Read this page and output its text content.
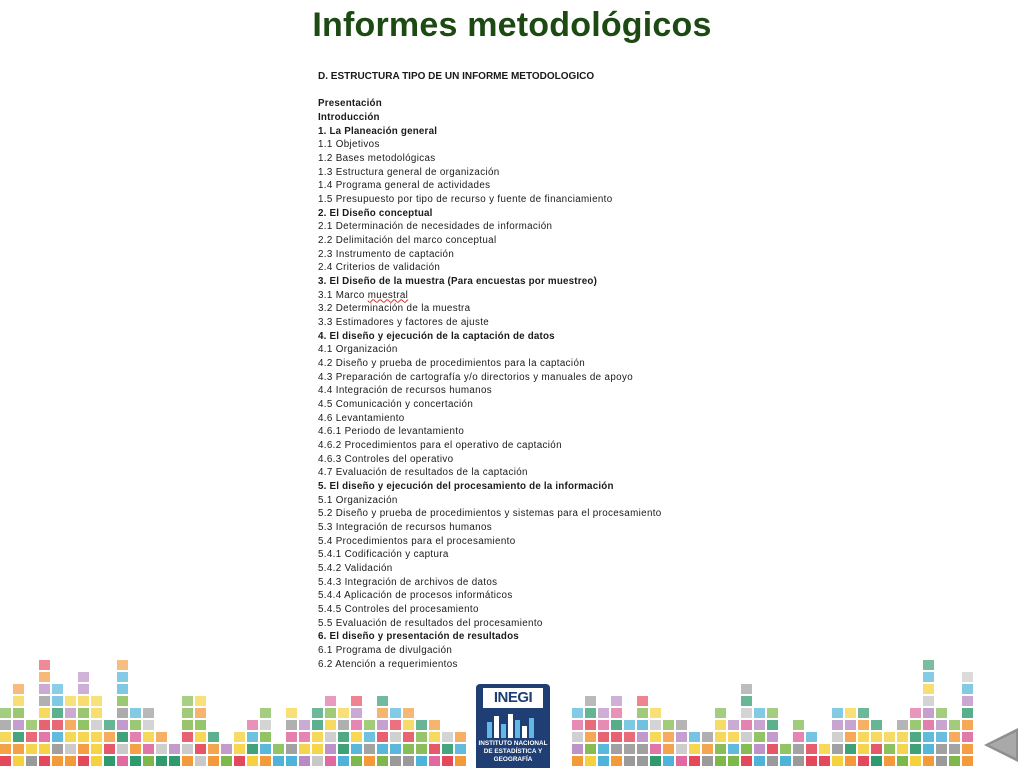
Informes metodológicos
D. ESTRUCTURA TIPO DE UN INFORME METODOLOGICO
Presentación
Introducción
1. La Planeación general
1.1 Objetivos
1.2 Bases metodológicas
1.3 Estructura general de organización
1.4 Programa general de actividades
1.5 Presupuesto por tipo de recurso y fuente de financiamiento
2. El Diseño conceptual
2.1 Determinación de necesidades de información
2.2 Delimitación del marco conceptual
2.3 Instrumento de captación
2.4 Criterios de validación
3. El Diseño de la muestra (Para encuestas por muestreo)
3.1 Marco muestral
3.2 Determinación de la muestra
3.3 Estimadores y factores de ajuste
4. El diseño y ejecución de la captación de datos
4.1 Organización
4.2 Diseño y prueba de procedimientos para la captación
4.3 Preparación de cartografía y/o directorios y manuales de apoyo
4.4 Integración de recursos humanos
4.5 Comunicación y concertación
4.6 Levantamiento
4.6.1 Periodo de levantamiento
4.6.2 Procedimientos para el operativo de captación
4.6.3 Controles del operativo
4.7 Evaluación de resultados de la captación
5. El diseño y ejecución del procesamiento de la información
5.1 Organización
5.2 Diseño y prueba de procedimientos y sistemas para el procesamiento
5.3 Integración de recursos humanos
5.4 Procedimientos para el procesamiento
5.4.1 Codificación y captura
5.4.2 Validación
5.4.3 Integración de archivos de datos
5.4.4 Aplicación de procesos informáticos
5.4.5 Controles del procesamiento
5.5 Evaluación de resultados del procesamiento
6. El diseño y presentación de resultados
6.1 Programa de divulgación
6.2 Atención a requerimientos
INEGI
INSTITUTO NACIONAL
DE ESTADÍSTICA Y GEOGRAFÍA
